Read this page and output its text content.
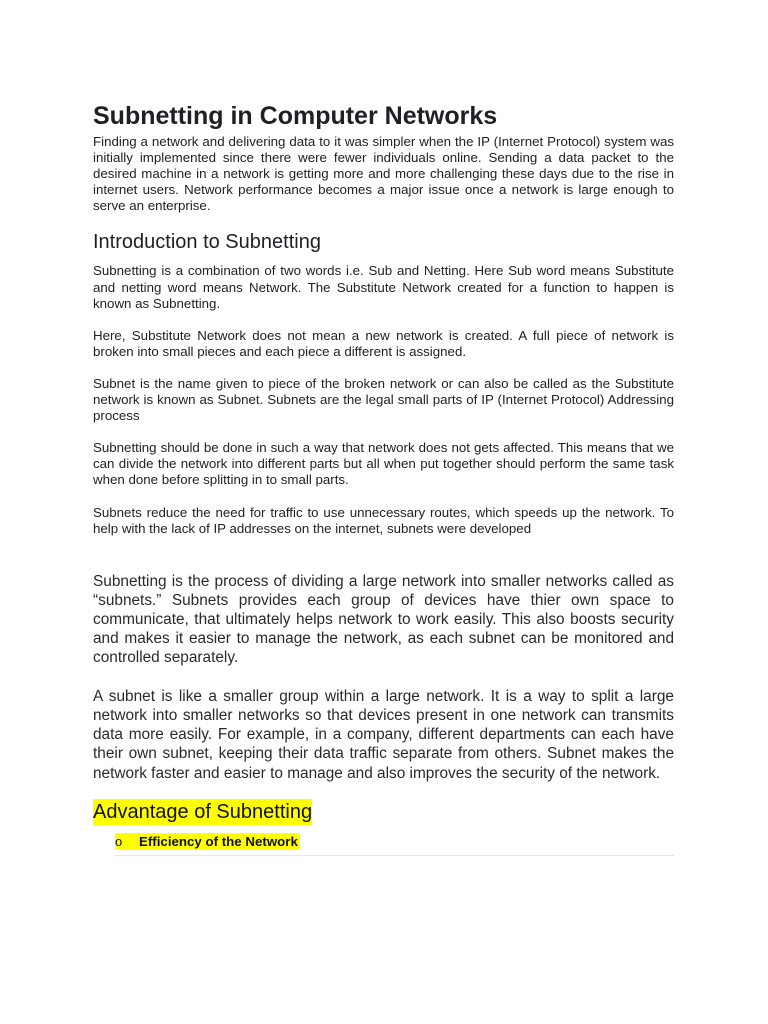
Subnetting in Computer Networks

Finding a network and delivering data to it was simpler when the IP (Internet Protocol) system was initially implemented since there were fewer individuals online. Sending a data packet to the desired machine in a network is getting more and more challenging these days due to the rise in internet users. Network performance becomes a major issue once a network is large enough to serve an enterprise.

Introduction to Subnetting

Subnetting is a combination of two words i.e. Sub and Netting. Here Sub word means Substitute and netting word means Network. The Substitute Network created for a function to happen is known as Subnetting.

Here, Substitute Network does not mean a new network is created. A full piece of network is broken into small pieces and each piece a different is assigned.

Subnet is the name given to piece of the broken network or can also be called as the Substitute network is known as Subnet. Subnets are the legal small parts of IP (Internet Protocol) Addressing process

Subnetting should be done in such a way that network does not gets affected. This means that we can divide the network into different parts but all when put together should perform the same task when done before splitting in to small parts.

Subnets reduce the need for traffic to use unnecessary routes, which speeds up the network. To help with the lack of IP addresses on the internet, subnets were developed

Subnetting is the process of dividing a large network into smaller networks called as “subnets.” Subnets provides each group of devices have thier own space to communicate, that ultimately helps network to work easily. This also boosts security and makes it easier to manage the network, as each subnet can be monitored and controlled separately.

A subnet is like a smaller group within a large network. It is a way to split a large network into smaller networks so that devices present in one network can transmits data more easily. For example, in a company, different departments can each have their own subnet, keeping their data traffic separate from others. Subnet makes the network faster and easier to manage and also improves the security of the network.

Advantage of Subnetting
o Efficiency of the Network
